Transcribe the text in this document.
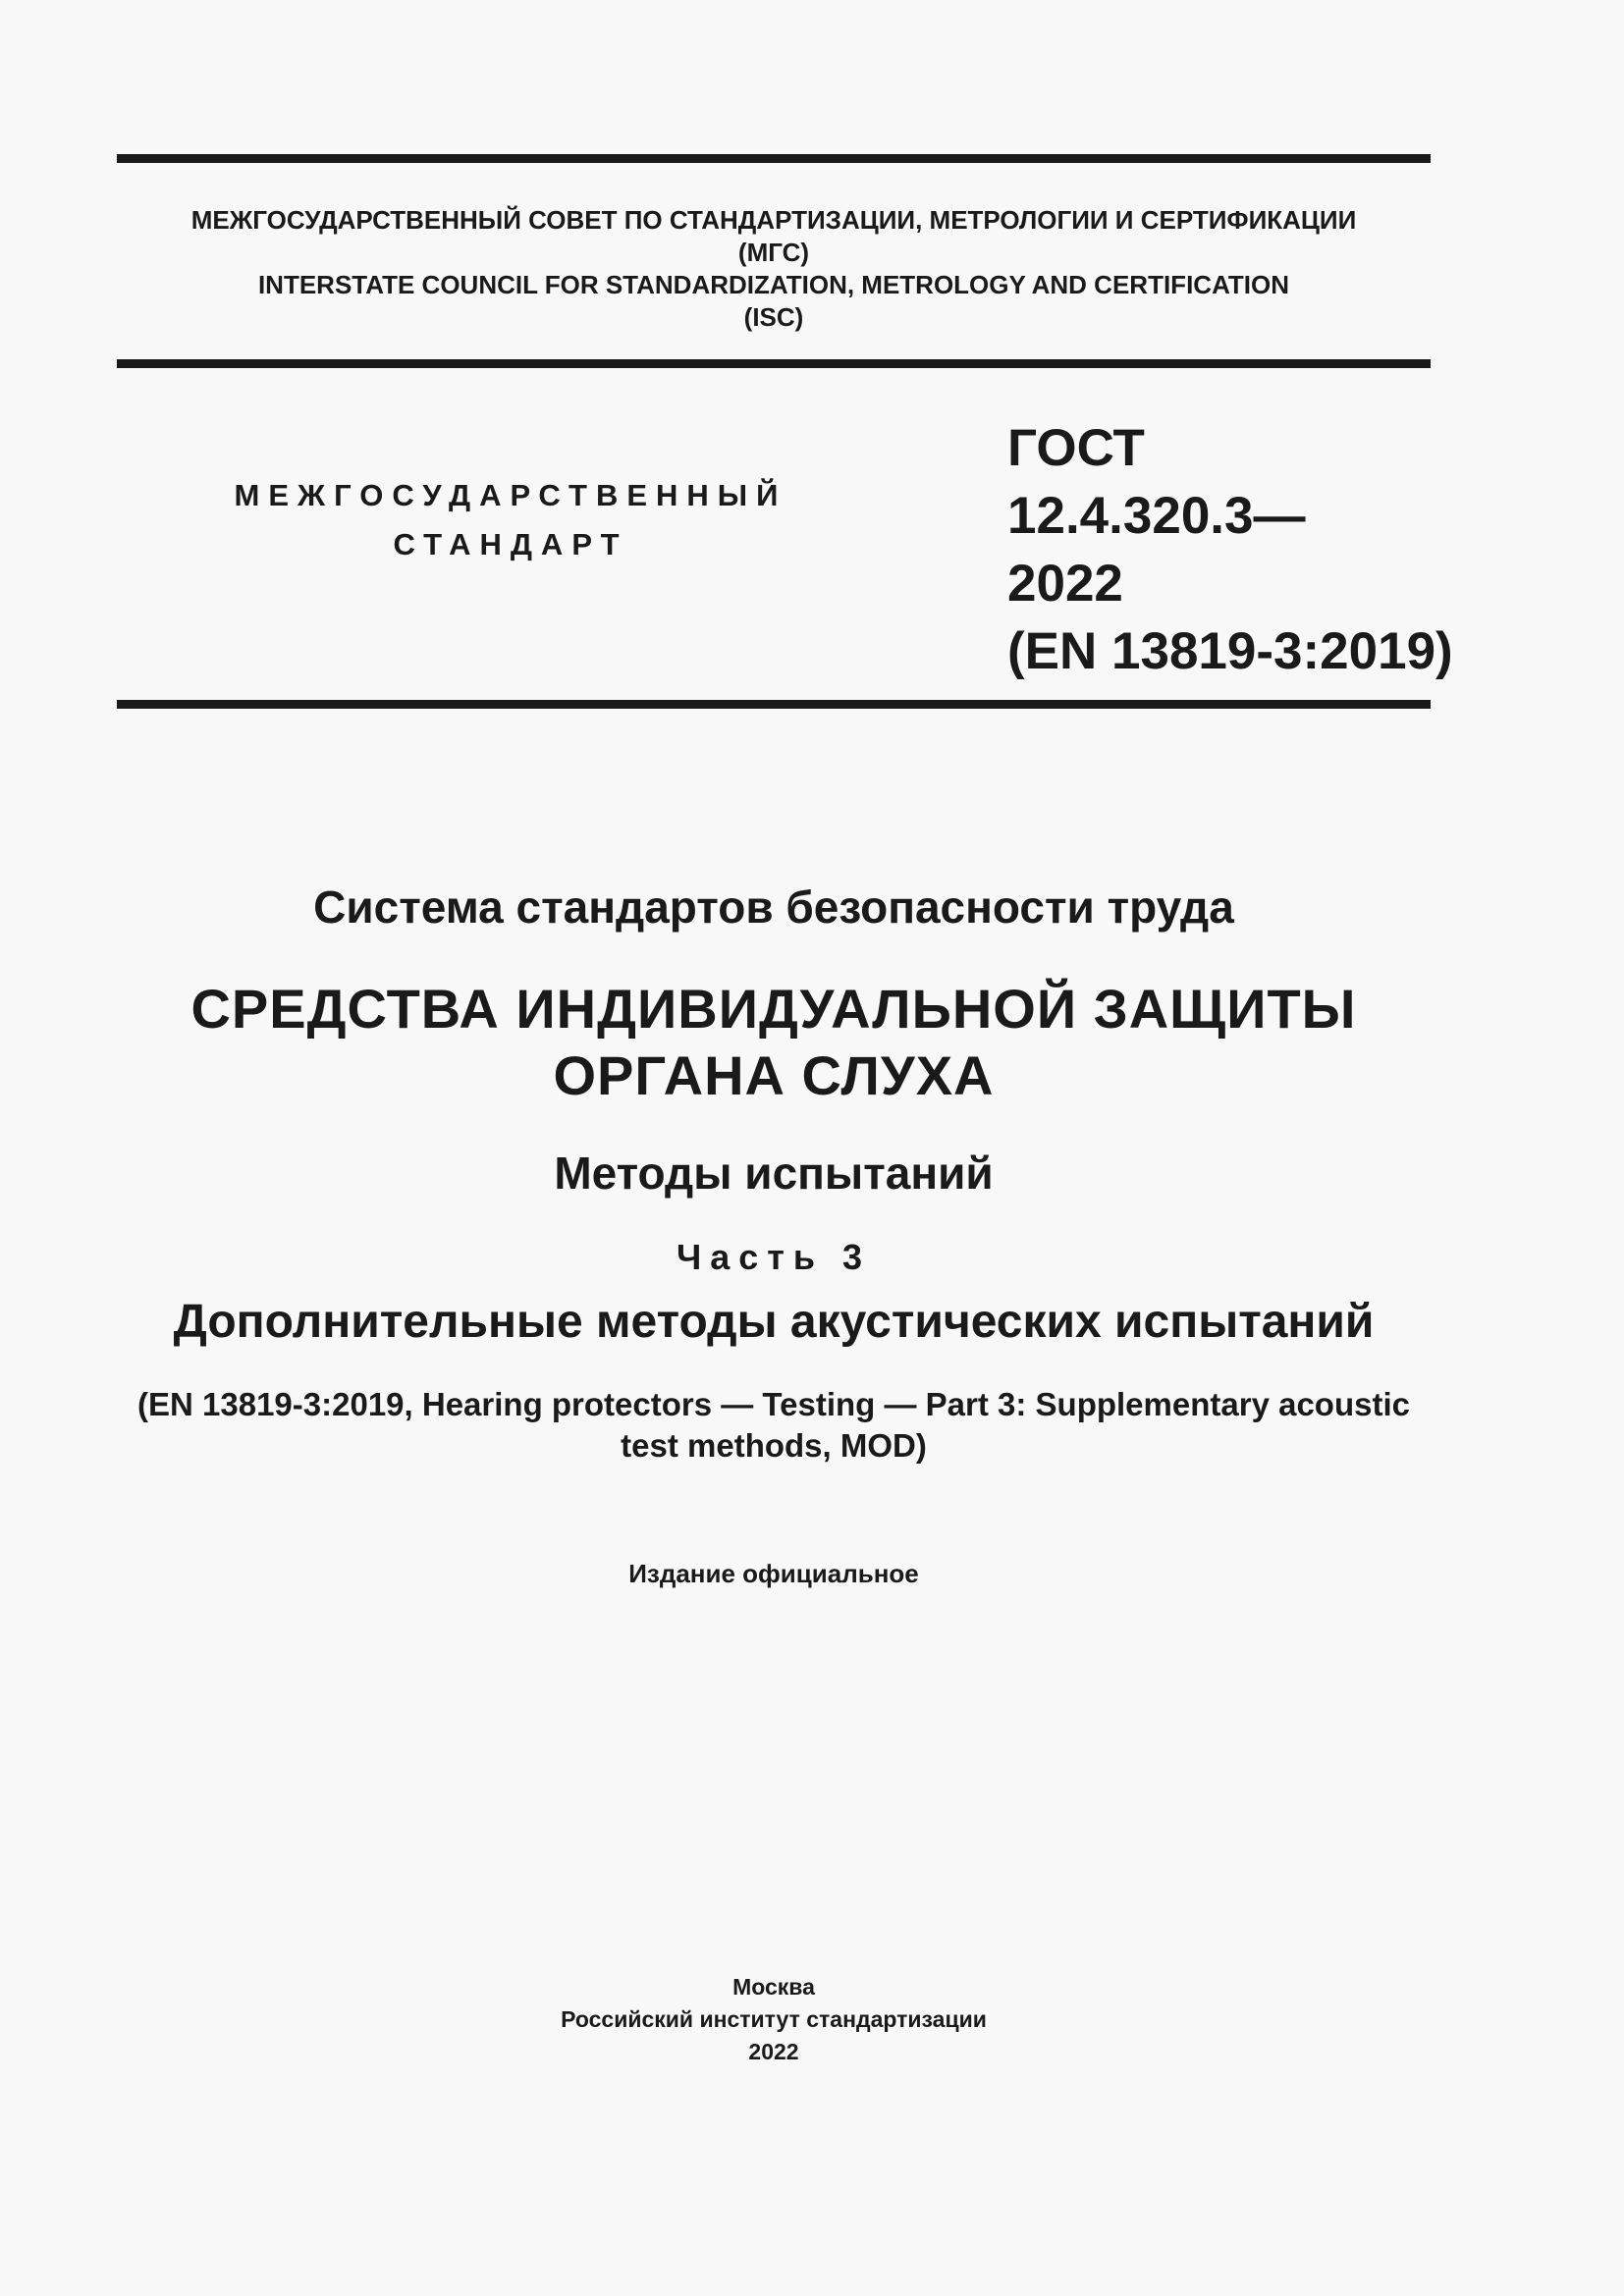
МЕЖГОСУДАРСТВЕННЫЙ СОВЕТ ПО СТАНДАРТИЗАЦИИ, МЕТРОЛОГИИ И СЕРТИФИКАЦИИ
(МГС)
INTERSTATE COUNCIL FOR STANDARDIZATION, METROLOGY AND CERTIFICATION
(ISC)
МЕЖГОСУДАРСТВЕННЫЙ
СТАНДАРТ
ГОСТ
12.4.320.3—
2022
(EN 13819-3:2019)
Система стандартов безопасности труда
СРЕДСТВА ИНДИВИДУАЛЬНОЙ ЗАЩИТЫ
ОРГАНА СЛУХА
Методы испытаний
Часть 3
Дополнительные методы акустических испытаний
(EN 13819-3:2019, Hearing protectors — Testing — Part 3: Supplementary acoustic
test methods, MOD)
Издание официальное
Москва
Российский институт стандартизации
2022
